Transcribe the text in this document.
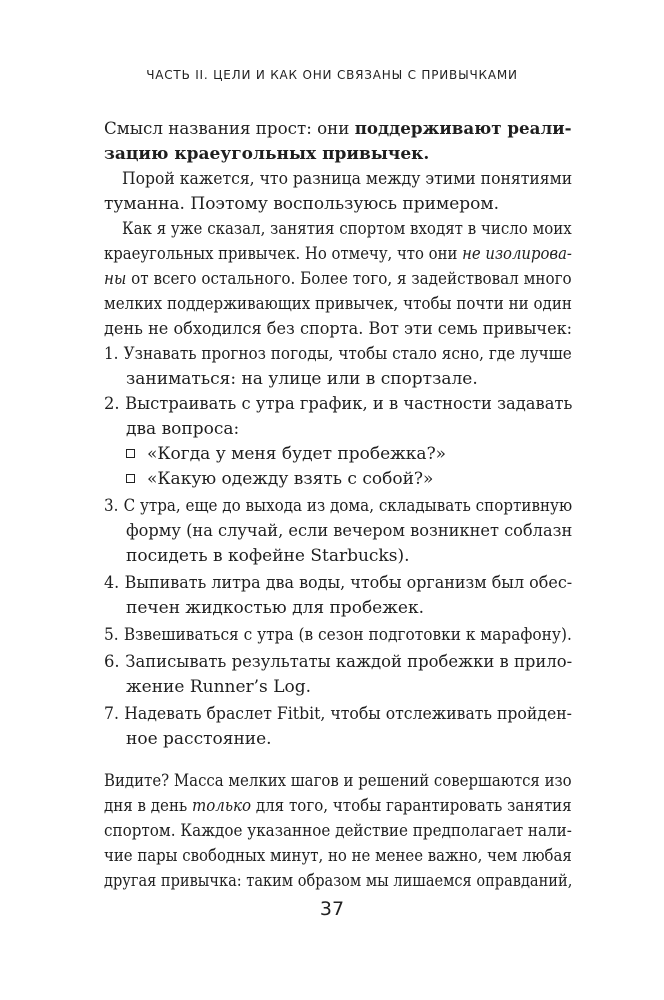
ЧАСТЬ II. ЦЕЛИ И КАК ОНИ СВЯЗАНЫ С ПРИВЫЧКАМИ
Смысл названия прост: они поддерживают реали-
зацию краеугольных привычек.
Порой кажется, что разница между этими понятиями
туманна. Поэтому воспользуюсь примером.
Как я уже сказал, занятия спортом входят в число моих
краеугольных привычек. Но отмечу, что они не изолирова-
ны от всего остального. Более того, я задействовал много
мелких поддерживающих привычек, чтобы почти ни один
день не обходился без спорта. Вот эти семь привычек:
1. Узнавать прогноз погоды, чтобы стало ясно, где лучше
заниматься: на улице или в спортзале.
2. Выстраивать с утра график, и в частности задавать
два вопроса:
«Когда у меня будет пробежка?»
«Какую одежду взять с собой?»
3. С утра, еще до выхода из дома, складывать спортивную
форму (на случай, если вечером возникнет соблазн
посидеть в кофейне Starbucks).
4. Выпивать литра два воды, чтобы организм был обес-
печен жидкостью для пробежек.
5. Взвешиваться с утра (в сезон подготовки к марафону).
6. Записывать результаты каждой пробежки в прило-
жение Runner’s Log.
7. Надевать браслет Fitbit, чтобы отслеживать пройден-
ное расстояние.
Видите? Масса мелких шагов и решений совершаются изо
дня в день только для того, чтобы гарантировать занятия
спортом. Каждое указанное действие предполагает нали-
чие пары свободных минут, но не менее важно, чем любая
другая привычка: таким образом мы лишаемся оправданий,
37
